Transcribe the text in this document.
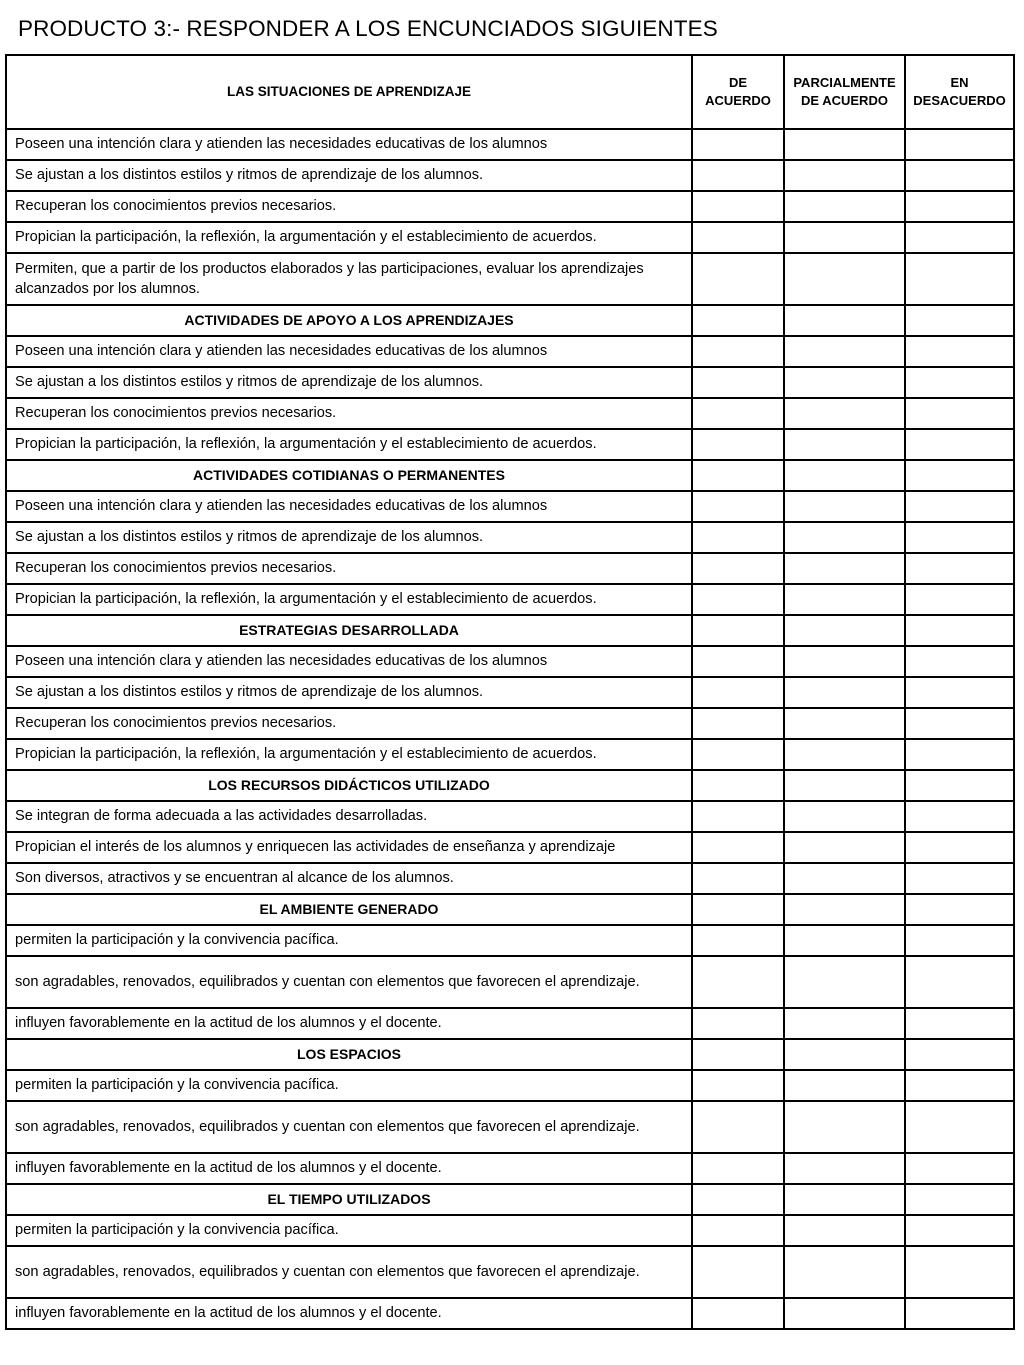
PRODUCTO 3:- RESPONDER A LOS ENCUNCIADOS SIGUIENTES
LAS SITUACIONES DE APRENDIZAJE	DE ACUERDO	PARCIALMENTE DE ACUERDO	EN DESACUERDO
Poseen una intención clara y atienden las necesidades educativas de los alumnos			
Se ajustan a los distintos estilos y ritmos de aprendizaje de los alumnos.			
Recuperan los conocimientos previos necesarios.			
Propician la participación, la reflexión, la argumentación y el establecimiento de acuerdos.			
Permiten, que a partir de los productos elaborados y las participaciones, evaluar los aprendizajes alcanzados por los alumnos.			
ACTIVIDADES DE APOYO A LOS APRENDIZAJES			
Poseen una intención clara y atienden las necesidades educativas de los alumnos			
Se ajustan a los distintos estilos y ritmos de aprendizaje de los alumnos.			
Recuperan los conocimientos previos necesarios.			
Propician la participación, la reflexión, la argumentación y el establecimiento de acuerdos.			
ACTIVIDADES COTIDIANAS O PERMANENTES			
Poseen una intención clara y atienden las necesidades educativas de los alumnos			
Se ajustan a los distintos estilos y ritmos de aprendizaje de los alumnos.			
Recuperan los conocimientos previos necesarios.			
Propician la participación, la reflexión, la argumentación y el establecimiento de acuerdos.			
ESTRATEGIAS DESARROLLADA			
Poseen una intención clara y atienden las necesidades educativas de los alumnos			
Se ajustan a los distintos estilos y ritmos de aprendizaje de los alumnos.			
Recuperan los conocimientos previos necesarios.			
Propician la participación, la reflexión, la argumentación y el establecimiento de acuerdos.			
LOS RECURSOS DIDÁCTICOS UTILIZADO			
Se integran de forma adecuada a las actividades desarrolladas.			
Propician el interés de los alumnos y enriquecen las actividades de enseñanza y aprendizaje			
Son diversos, atractivos y se encuentran al alcance de los alumnos.			
EL AMBIENTE GENERADO			
permiten la participación y la convivencia pacífica.			
son agradables, renovados, equilibrados y cuentan con elementos que favorecen el aprendizaje.			
influyen favorablemente en la actitud de los alumnos y el docente.			
LOS ESPACIOS			
permiten la participación y la convivencia pacífica.			
son agradables, renovados, equilibrados y cuentan con elementos que favorecen el aprendizaje.			
influyen favorablemente en la actitud de los alumnos y el docente.			
EL TIEMPO UTILIZADOS			
permiten la participación y la convivencia pacífica.			
son agradables, renovados, equilibrados y cuentan con elementos que favorecen el aprendizaje.			
influyen favorablemente en la actitud de los alumnos y el docente.			
